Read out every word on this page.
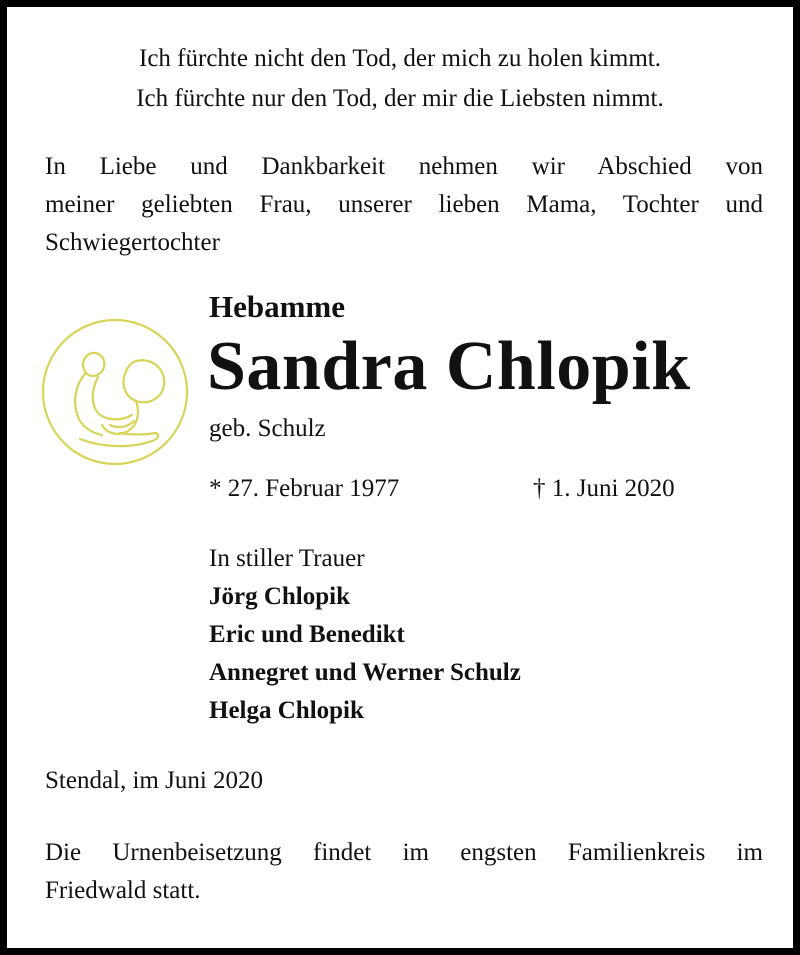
Ich fürchte nicht den Tod, der mich zu holen kimmt.
Ich fürchte nur den Tod, der mir die Liebsten nimmt.
In Liebe und Dankbarkeit nehmen wir Abschied von
meiner geliebten Frau, unserer lieben Mama, Tochter und
Schwiegertochter
Hebamme
Sandra Chlopik
geb. Schulz
* 27. Februar 1977	† 1. Juni 2020
In stiller Trauer
Jörg Chlopik
Eric und Benedikt
Annegret und Werner Schulz
Helga Chlopik
Stendal, im Juni 2020
Die Urnenbeisetzung findet im engsten Familienkreis im
Friedwald statt.
